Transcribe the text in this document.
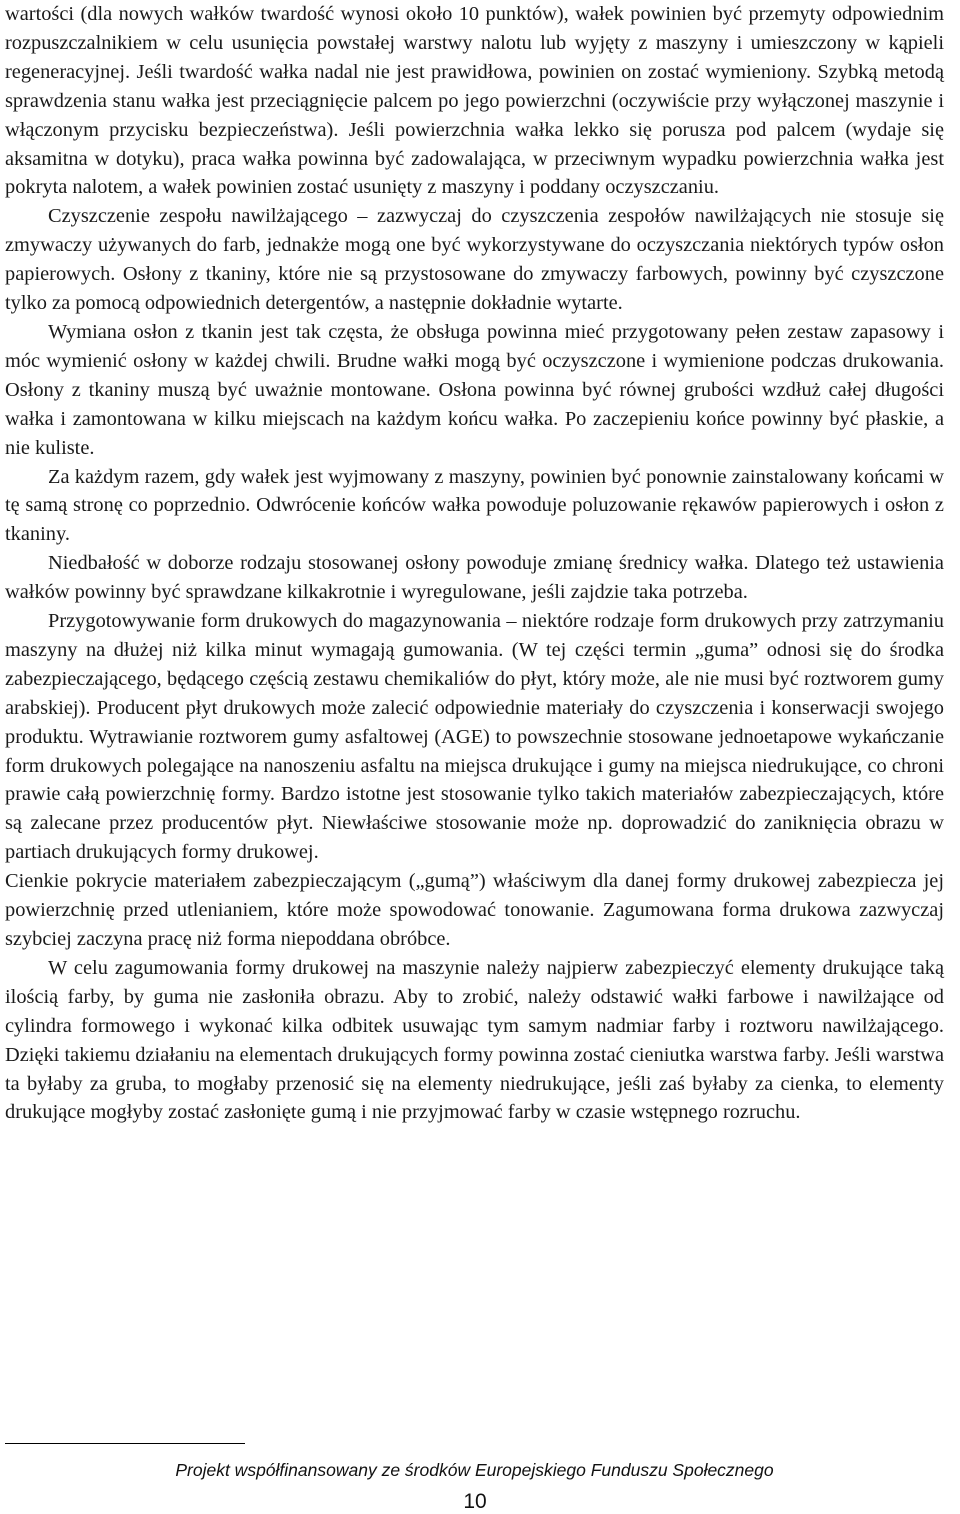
wartości (dla nowych wałków twardość wynosi około 10 punktów), wałek powinien być przemyty odpowiednim rozpuszczalnikiem w celu usunięcia powstałej warstwy nalotu lub wyjęty z maszyny i umieszczony w kąpieli regeneracyjnej. Jeśli twardość wałka nadal nie jest prawidłowa, powinien on zostać wymieniony. Szybką metodą sprawdzenia stanu wałka jest przeciągnięcie palcem po jego powierzchni (oczywiście przy wyłączonej maszynie i włączonym przycisku bezpieczeństwa). Jeśli powierzchnia wałka lekko się porusza pod palcem (wydaje się aksamitna w dotyku), praca wałka powinna być zadowalająca, w przeciwnym wypadku powierzchnia wałka jest pokryta nalotem, a wałek powinien zostać usunięty z maszyny i poddany oczyszczaniu.

Czyszczenie zespołu nawilżającego – zazwyczaj do czyszczenia zespołów nawilżających nie stosuje się zmywaczy używanych do farb, jednakże mogą one być wykorzystywane do oczyszczania niektórych typów osłon papierowych. Osłony z tkaniny, które nie są przystosowane do zmywaczy farbowych, powinny być czyszczone tylko za pomocą odpowiednich detergentów, a następnie dokładnie wytarte.

Wymiana osłon z tkanin jest tak częsta, że obsługa powinna mieć przygotowany pełen zestaw zapasowy i móc wymienić osłony w każdej chwili. Brudne wałki mogą być oczyszczone i wymienione podczas drukowania. Osłony z tkaniny muszą być uważnie montowane. Osłona powinna być równej grubości wzdłuż całej długości wałka i zamontowana w kilku miejscach na każdym końcu wałka. Po zaczepieniu końce powinny być płaskie, a nie kuliste.

Za każdym razem, gdy wałek jest wyjmowany z maszyny, powinien być ponownie zainstalowany końcami w tę samą stronę co poprzednio. Odwrócenie końców wałka powoduje poluzowanie rękawów papierowych i osłon z tkaniny.

Niedbałość w doborze rodzaju stosowanej osłony powoduje zmianę średnicy wałka. Dlatego też ustawienia wałków powinny być sprawdzane kilkakrotnie i wyregulowane, jeśli zajdzie taka potrzeba.

Przygotowywanie form drukowych do magazynowania – niektóre rodzaje form drukowych przy zatrzymaniu maszyny na dłużej niż kilka minut wymagają gumowania. (W tej części termin „guma” odnosi się do środka zabezpieczającego, będącego częścią zestawu chemikaliów do płyt, który może, ale nie musi być roztworem gumy arabskiej). Producent płyt drukowych może zalecić odpowiednie materiały do czyszczenia i konserwacji swojego produktu. Wytrawianie roztworem gumy asfaltowej (AGE) to powszechnie stosowane jednoetapowe wykańczanie form drukowych polegające na nanoszeniu asfaltu na miejsca drukujące i gumy na miejsca niedrukujące, co chroni prawie całą powierzchnię formy. Bardzo istotne jest stosowanie tylko takich materiałów zabezpieczających, które są zalecane przez producentów płyt. Niewłaściwe stosowanie może np. doprowadzić do zaniknięcia obrazu w partiach drukujących formy drukowej.

Cienkie pokrycie materiałem zabezpieczającym („gumą”) właściwym dla danej formy drukowej zabezpiecza jej powierzchnię przed utlenianiem, które może spowodować tonowanie. Zagumowana forma drukowa zazwyczaj szybciej zaczyna pracę niż forma niepoddana obróbce.

W celu zagumowania formy drukowej na maszynie należy najpierw zabezpieczyć elementy drukujące taką ilością farby, by guma nie zasłoniła obrazu. Aby to zrobić, należy odstawić wałki farbowe i nawilżające od cylindra formowego i wykonać kilka odbitek usuwając tym samym nadmiar farby i roztworu nawilżającego. Dzięki takiemu działaniu na elementach drukujących formy powinna zostać cieniutka warstwa farby. Jeśli warstwa ta byłaby za gruba, to mogłaby przenosić się na elementy niedrukujące, jeśli zaś byłaby za cienka, to elementy drukujące mogłyby zostać zasłonięte gumą i nie przyjmować farby w czasie wstępnego rozruchu.

Projekt współfinansowany ze środków Europejskiego Funduszu Społecznego
10
